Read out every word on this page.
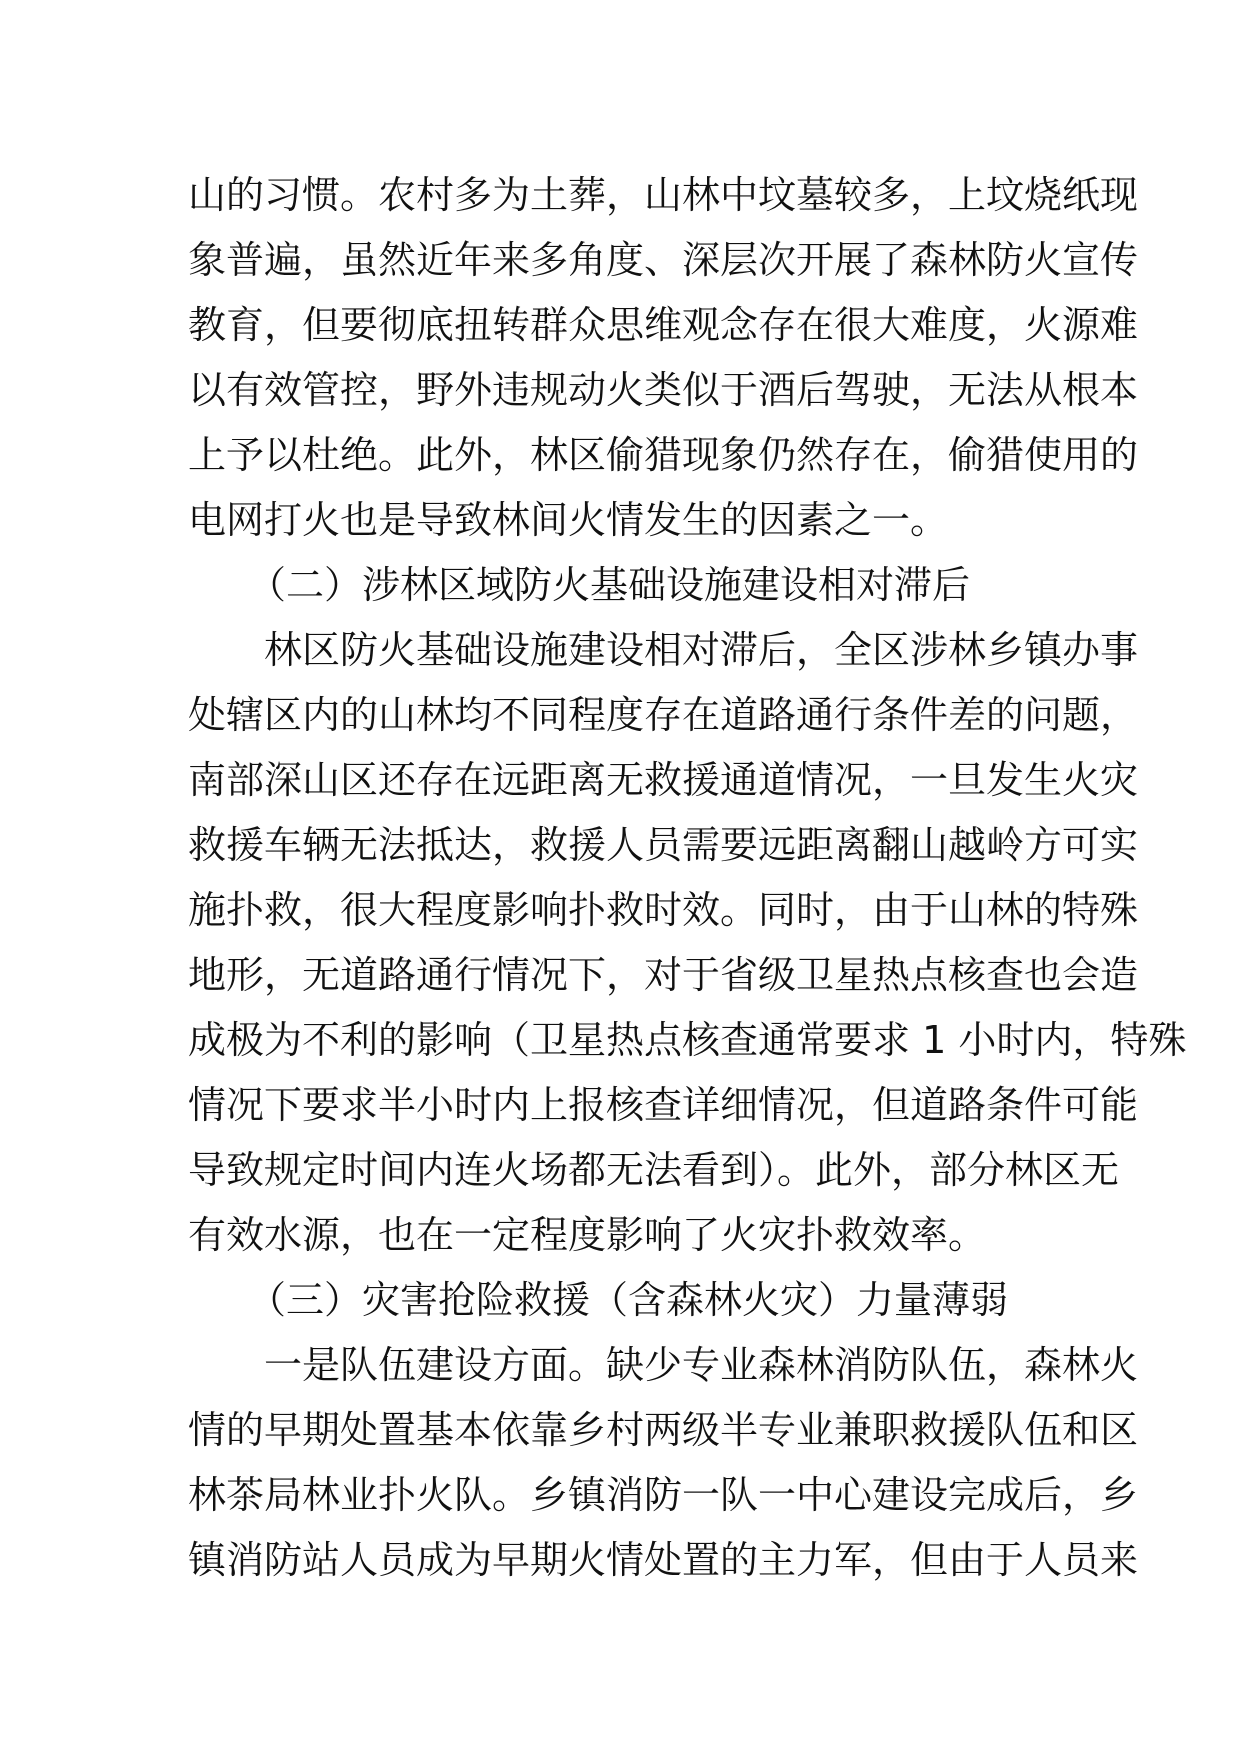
山的习惯。农村多为土葬，山林中坟墓较多，上坟烧纸现
象普遍，虽然近年来多角度、深层次开展了森林防火宣传
教育，但要彻底扭转群众思维观念存在很大难度，火源难
以有效管控，野外违规动火类似于酒后驾驶，无法从根本
上予以杜绝。此外，林区偷猎现象仍然存在，偷猎使用的
电网打火也是导致林间火情发生的因素之一。
（二）涉林区域防火基础设施建设相对滞后
林区防火基础设施建设相对滞后，全区涉林乡镇办事
处辖区内的山林均不同程度存在道路通行条件差的问题，
南部深山区还存在远距离无救援通道情况，一旦发生火灾
救援车辆无法抵达，救援人员需要远距离翻山越岭方可实
施扑救，很大程度影响扑救时效。同时，由于山林的特殊
地形，无道路通行情况下，对于省级卫星热点核查也会造
成极为不利的影响（卫星热点核查通常要求 1 小时内，特殊
情况下要求半小时内上报核查详细情况，但道路条件可能
导致规定时间内连火场都无法看到）。此外，部分林区无
有效水源，也在一定程度影响了火灾扑救效率。
（三）灾害抢险救援（含森林火灾）力量薄弱
一是队伍建设方面。缺少专业森林消防队伍，森林火
情的早期处置基本依靠乡村两级半专业兼职救援队伍和区
林茶局林业扑火队。乡镇消防一队一中心建设完成后，乡
镇消防站人员成为早期火情处置的主力军，但由于人员来
